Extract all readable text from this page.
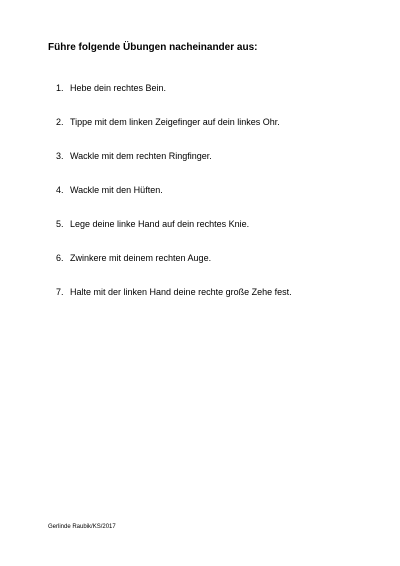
Führe folgende Übungen nacheinander aus:
1. Hebe dein rechtes Bein.
2. Tippe mit dem linken Zeigefinger auf dein linkes Ohr.
3. Wackle mit dem rechten Ringfinger.
4. Wackle mit den Hüften.
5. Lege deine linke Hand auf dein rechtes Knie.
6. Zwinkere mit deinem rechten Auge.
7. Halte mit der linken Hand deine rechte große Zehe fest.
Gerlinde Raubik/KS/2017
